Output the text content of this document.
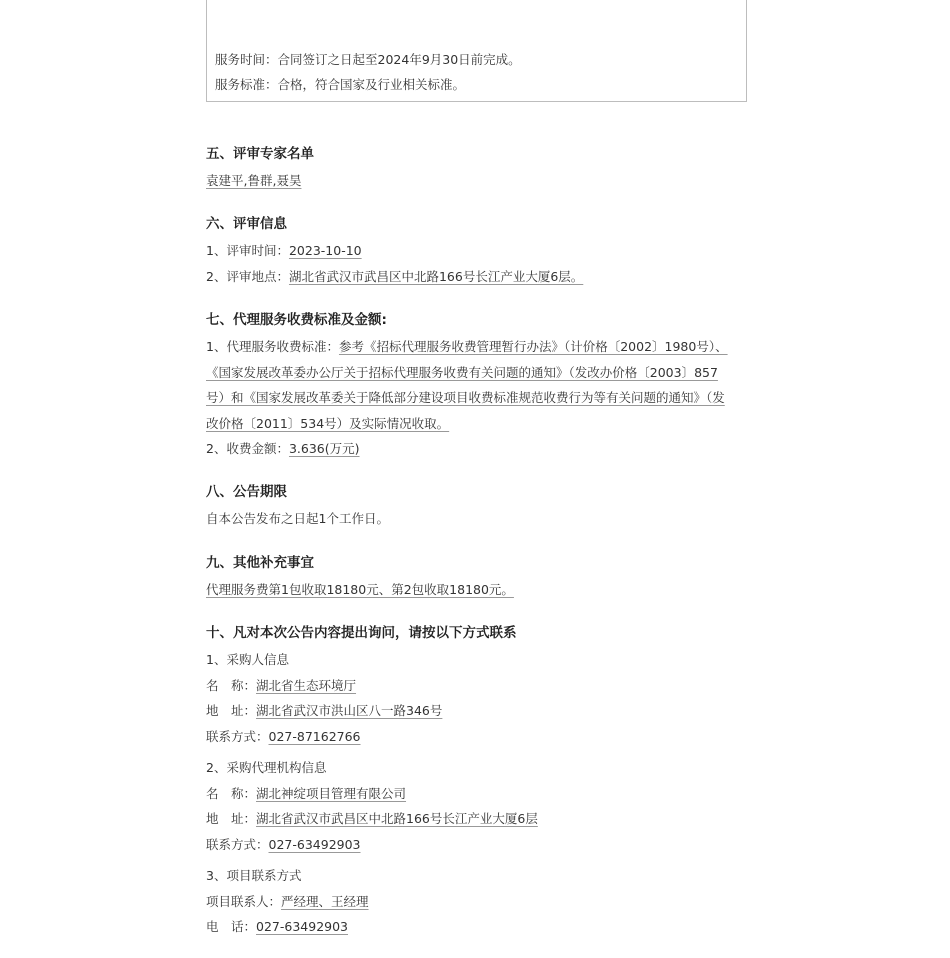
服务时间：合同签订之日起至2024年9月30日前完成。
服务标准：合格，符合国家及行业相关标准。
五、评审专家名单
袁建平,鲁群,聂昊
六、评审信息
1、评审时间：2023-10-10
2、评审地点：湖北省武汉市武昌区中北路166号长江产业大厦6层。
七、代理服务收费标准及金额:
1、代理服务收费标准：参考《招标代理服务收费管理暂行办法》（计价格〔2002〕1980号）、
《国家发展改革委办公厅关于招标代理服务收费有关问题的通知》（发改办价格〔2003〕857
号）和《国家发展改革委关于降低部分建设项目收费标准规范收费行为等有关问题的通知》（发
改价格〔2011〕534号）及实际情况收取。
2、收费金额：3.636(万元)
八、公告期限
自本公告发布之日起1个工作日。
九、其他补充事宜
代理服务费第1包收取18180元、第2包收取18180元。
十、凡对本次公告内容提出询问，请按以下方式联系
1、采购人信息
名　称：湖北省生态环境厅
地　址：湖北省武汉市洪山区八一路346号
联系方式：027-87162766
2、采购代理机构信息
名　称：湖北神绽项目管理有限公司
地　址：湖北省武汉市武昌区中北路166号长江产业大厦6层
联系方式：027-63492903
3、项目联系方式
项目联系人：严经理、王经理
电　话：027-63492903
